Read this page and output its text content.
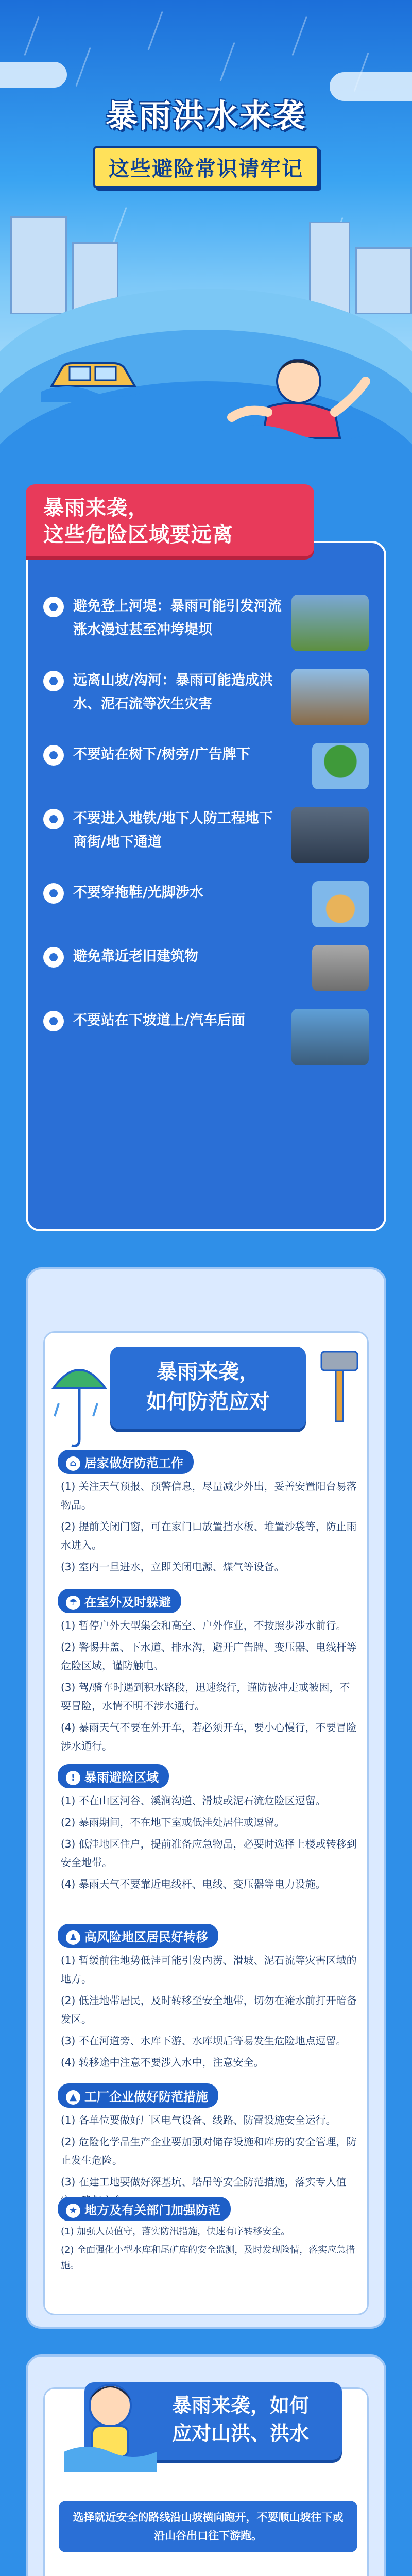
暴雨洪水来袭
这些避险常识请牢记
避免登上河堤：暴雨可能引发河流涨水漫过甚至冲垮堤坝
远离山坡/沟河：暴雨可能造成洪水、泥石流等次生灾害
不要站在树下/树旁/广告牌下
不要进入地铁/地下人防工程地下商街/地下通道
不要穿拖鞋/光脚涉水
避免靠近老旧建筑物
不要站在下坡道上/汽车后面
暴雨来袭，
这些危险区域要远离
暴雨来袭，
如何防范应对
⌂ 居家做好防范工作

(1) 关注天气预报、预警信息，尽量减少外出，妥善安置阳台易落物品。

(2) 提前关闭门窗，可在家门口放置挡水板、堆置沙袋等，防止雨水进入。

(3) 室内一旦进水，立即关闭电源、煤气等设备。

☂ 在室外及时躲避

(1) 暂停户外大型集会和高空、户外作业，不按照步涉水前行。

(2) 警惕井盖、下水道、排水沟，避开广告牌、变压器、电线杆等危险区域，谨防触电。

(3) 驾/骑车时遇到积水路段，迅速绕行，谨防被冲走或被困，不要冒险，水情不明不涉水通行。

(4) 暴雨天气不要在外开车，若必须开车，要小心慢行，不要冒险涉水通行。

! 暴雨避险区域

(1) 不在山区河谷、溪涧沟道、滑坡或泥石流危险区逗留。

(2) 暴雨期间，不在地下室或低洼处居住或逗留。

(3) 低洼地区住户，提前准备应急物品，必要时选择上楼或转移到安全地带。

(4) 暴雨天气不要靠近电线杆、电线、变压器等电力设施。

♟ 高风险地区居民好转移

(1) 暂缓前往地势低洼可能引发内涝、滑坡、泥石流等灾害区域的地方。

(2) 低洼地带居民，及时转移至安全地带，切勿在淹水前打开暗备发区。

(3) 不在河道旁、水库下游、水库坝后等易发生危险地点逗留。

(4) 转移途中注意不要涉入水中，注意安全。

▲ 工厂企业做好防范措施

(1) 各单位要做好厂区电气设备、线路、防雷设施安全运行。

(2) 危险化学品生产企业要加强对储存设施和库房的安全管理，防止发生危险。

(3) 在建工地要做好深基坑、塔吊等安全防范措施，落实专人值

★ 地方及有关部门加强防范

(1) 加强人员值守，落实防汛措施，快速有序转移安全。

(2) 全面强化小型水库和尾矿库的安全监测，及时发现险情，落实应急措施。

暴雨来袭，如何
应对山洪、洪水
选择就近安全的路线沿山坡横向跑开，不要顺山坡往下或沿山谷出口往下游跑。
